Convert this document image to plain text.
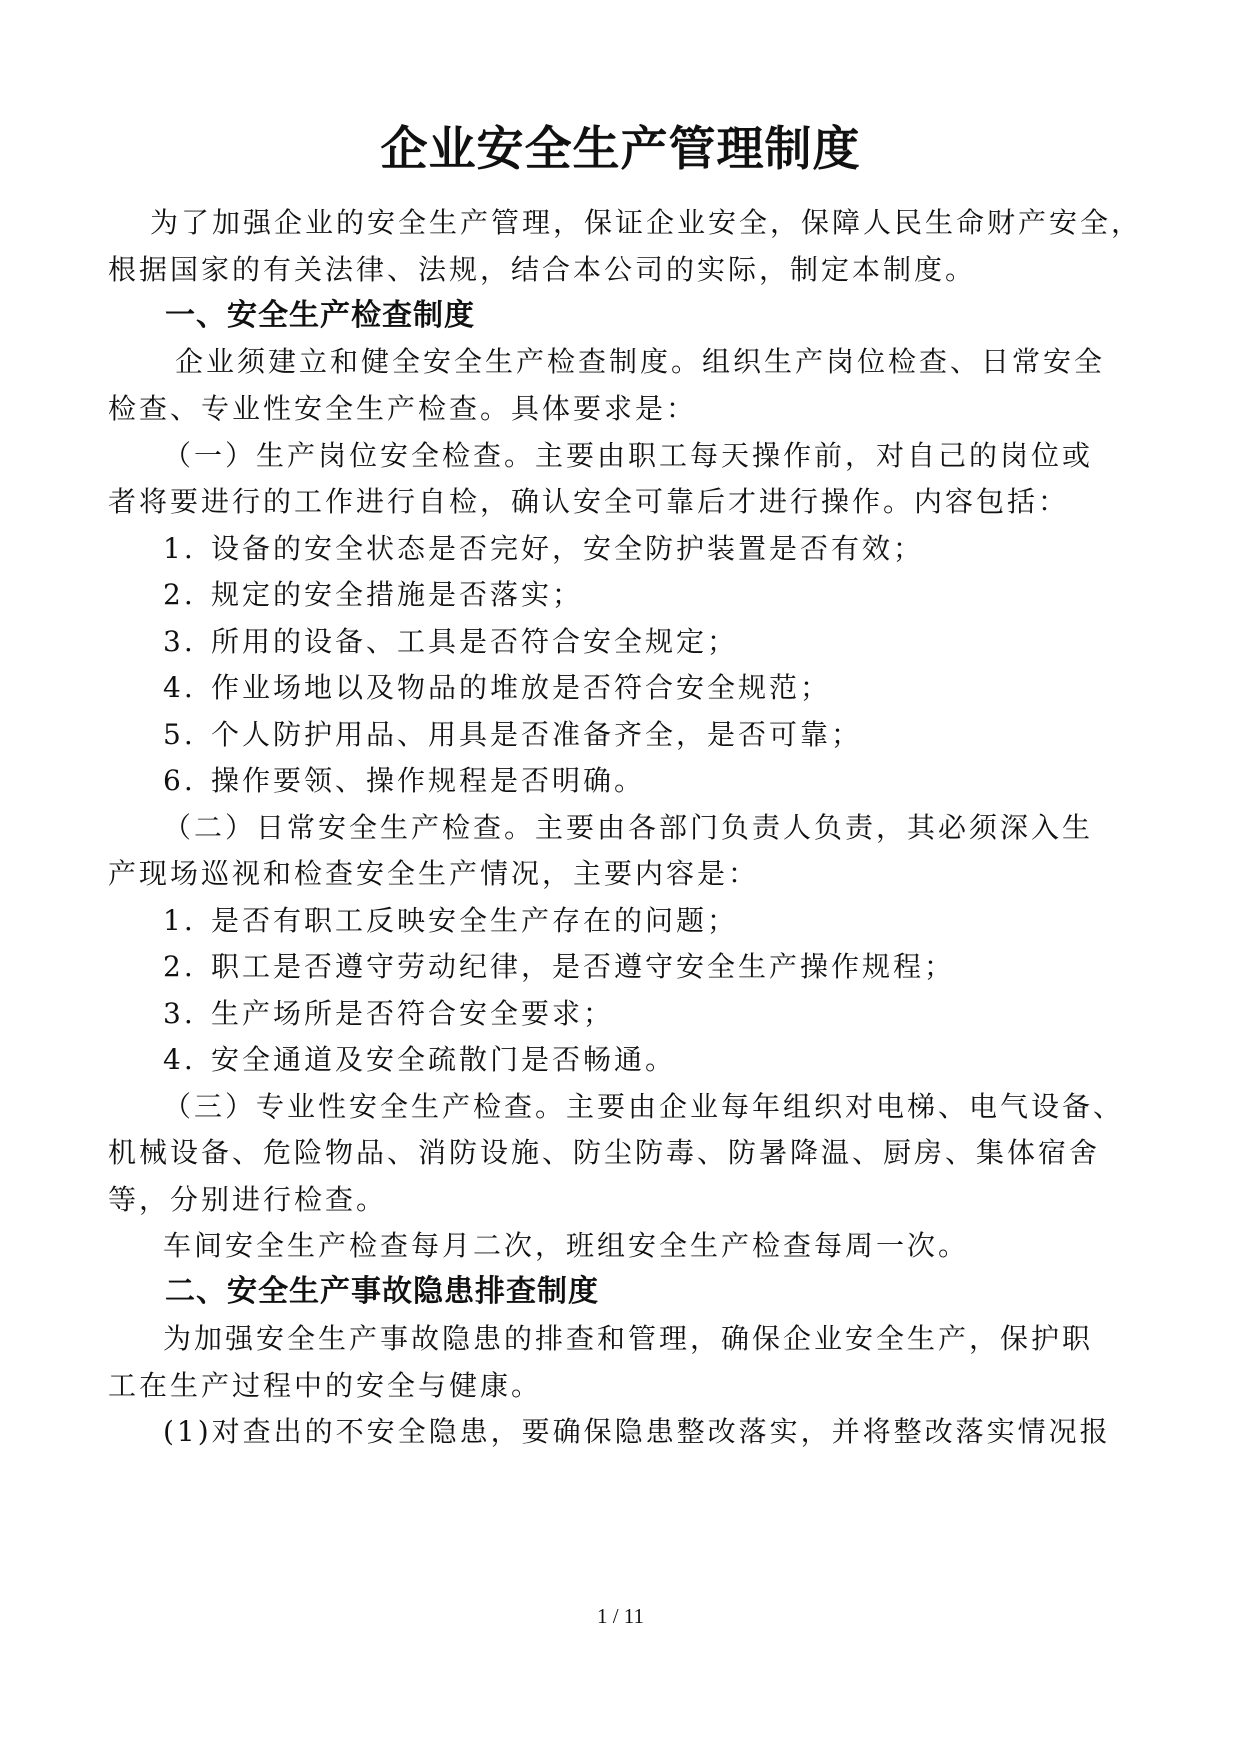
企业安全生产管理制度
为了加强企业的安全生产管理，保证企业安全，保障人民生命财产安全，
根据国家的有关法律、法规，结合本公司的实际，制定本制度。
一、安全生产检查制度
企业须建立和健全安全生产检查制度。组织生产岗位检查、日常安全
检查、专业性安全生产检查。具体要求是：
（一）生产岗位安全检查。主要由职工每天操作前，对自己的岗位或
者将要进行的工作进行自检，确认安全可靠后才进行操作。内容包括：
1. 设备的安全状态是否完好，安全防护装置是否有效；
2. 规定的安全措施是否落实；
3. 所用的设备、工具是否符合安全规定；
4. 作业场地以及物品的堆放是否符合安全规范；
5. 个人防护用品、用具是否准备齐全，是否可靠；
6. 操作要领、操作规程是否明确。
（二）日常安全生产检查。主要由各部门负责人负责，其必须深入生
产现场巡视和检查安全生产情况，主要内容是：
1. 是否有职工反映安全生产存在的问题；
2. 职工是否遵守劳动纪律，是否遵守安全生产操作规程；
3. 生产场所是否符合安全要求；
4. 安全通道及安全疏散门是否畅通。
（三）专业性安全生产检查。主要由企业每年组织对电梯、电气设备、
机械设备、危险物品、消防设施、防尘防毒、防暑降温、厨房、集体宿舍
等，分别进行检查。
车间安全生产检查每月二次，班组安全生产检查每周一次。
二、安全生产事故隐患排查制度
为加强安全生产事故隐患的排查和管理，确保企业安全生产，保护职
工在生产过程中的安全与健康。
(1)对查出的不安全隐患，要确保隐患整改落实，并将整改落实情况报
1 / 11
